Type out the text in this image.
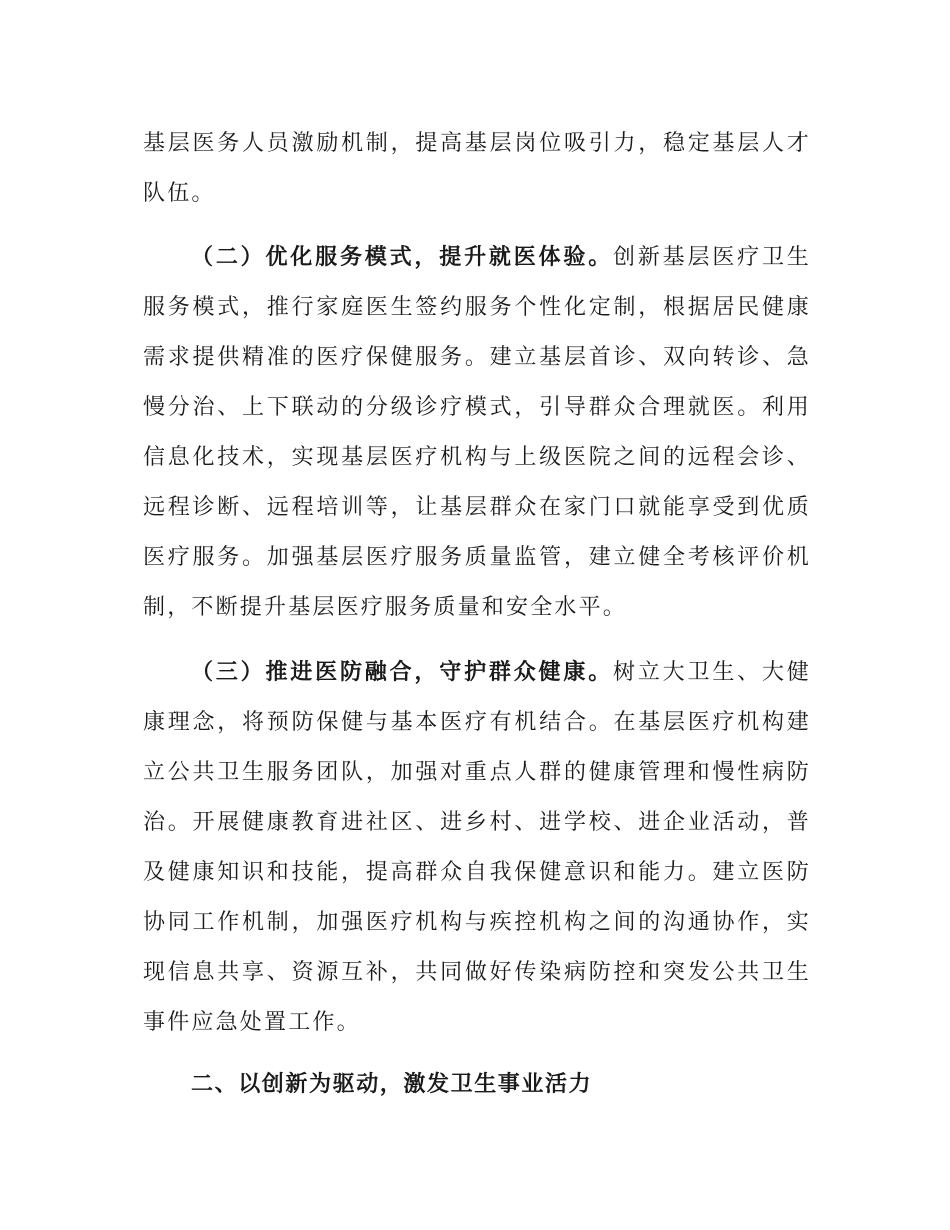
基层医务人员激励机制，提高基层岗位吸引力，稳定基层人才队伍。

（二）优化服务模式，提升就医体验。创新基层医疗卫生服务模式，推行家庭医生签约服务个性化定制，根据居民健康需求提供精准的医疗保健服务。建立基层首诊、双向转诊、急慢分治、上下联动的分级诊疗模式，引导群众合理就医。利用信息化技术，实现基层医疗机构与上级医院之间的远程会诊、远程诊断、远程培训等，让基层群众在家门口就能享受到优质医疗服务。加强基层医疗服务质量监管，建立健全考核评价机制，不断提升基层医疗服务质量和安全水平。

（三）推进医防融合，守护群众健康。树立大卫生、大健康理念，将预防保健与基本医疗有机结合。在基层医疗机构建立公共卫生服务团队，加强对重点人群的健康管理和慢性病防治。开展健康教育进社区、进乡村、进学校、进企业活动，普及健康知识和技能，提高群众自我保健意识和能力。建立医防协同工作机制，加强医疗机构与疾控机构之间的沟通协作，实现信息共享、资源互补，共同做好传染病防控和突发公共卫生事件应急处置工作。

二、以创新为驱动，激发卫生事业活力
